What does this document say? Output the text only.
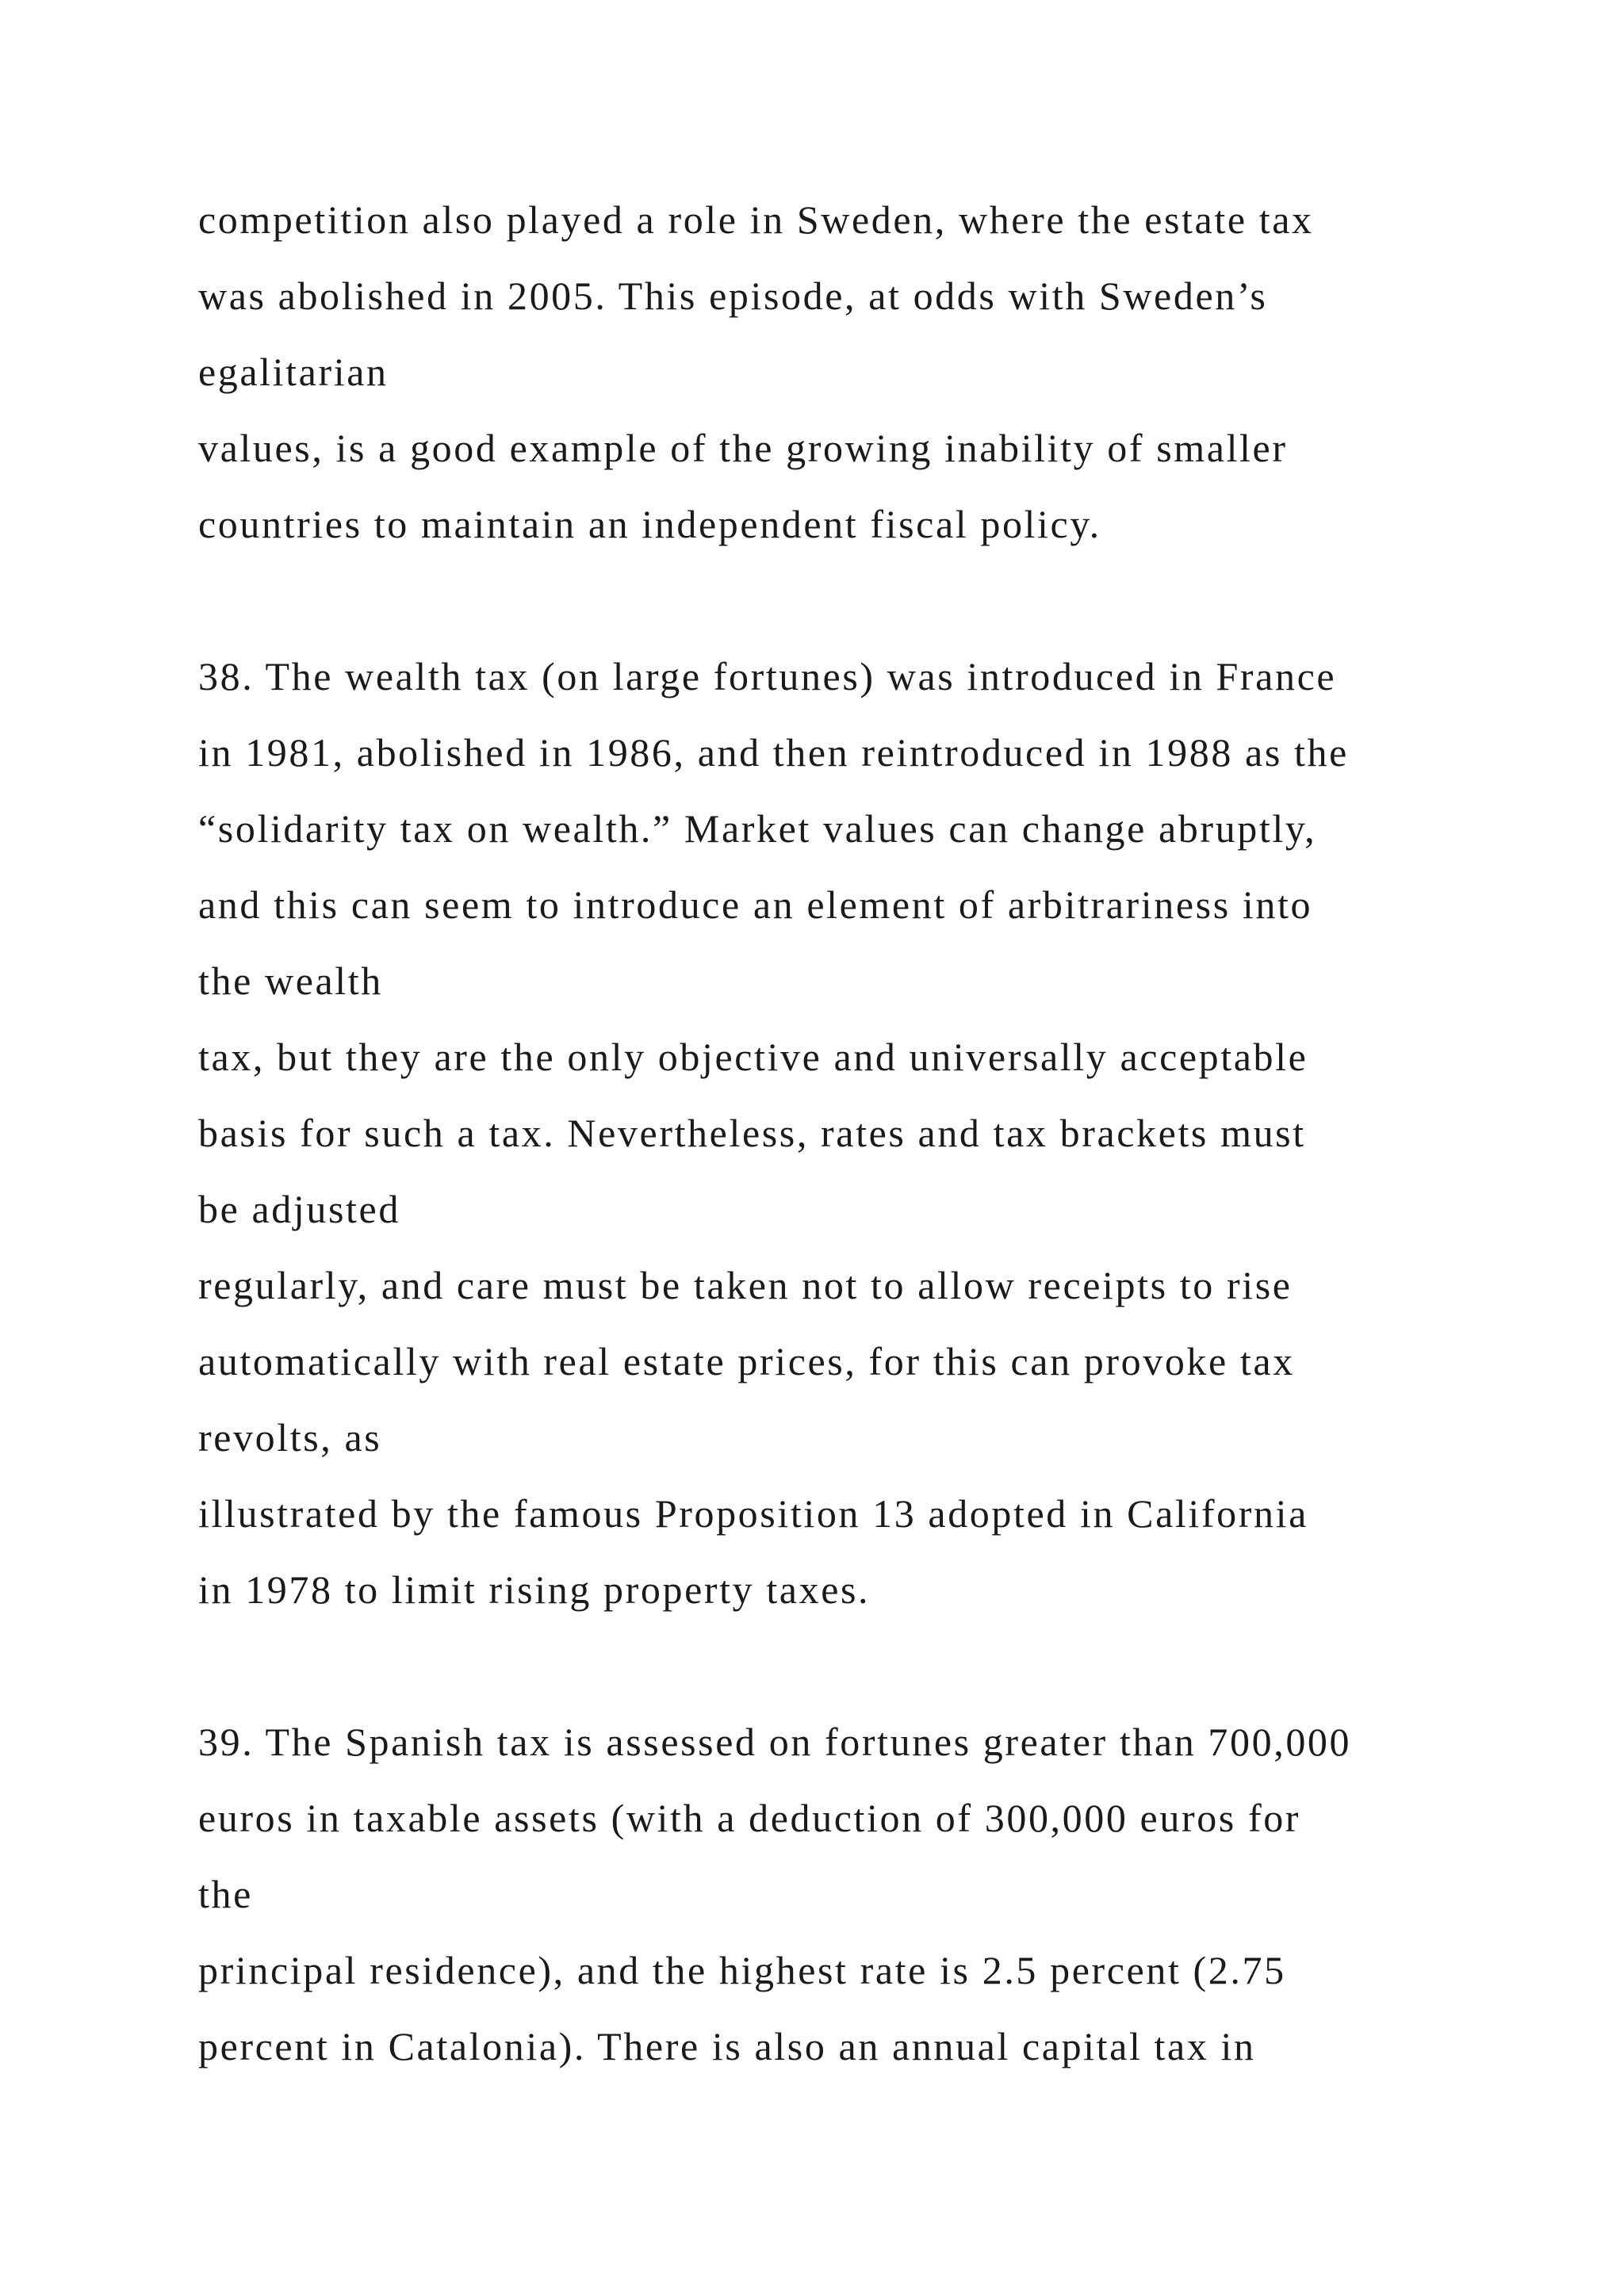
competition also played a role in Sweden, where the estate tax

was abolished in 2005. This episode, at odds with Sweden’s

egalitarian

values, is a good example of the growing inability of smaller

countries to maintain an independent fiscal policy.

38. The wealth tax (on large fortunes) was introduced in France

in 1981, abolished in 1986, and then reintroduced in 1988 as the

“solidarity tax on wealth.” Market values can change abruptly,

and this can seem to introduce an element of arbitrariness into

the wealth

tax, but they are the only objective and universally acceptable

basis for such a tax. Nevertheless, rates and tax brackets must

be adjusted

regularly, and care must be taken not to allow receipts to rise

automatically with real estate prices, for this can provoke tax

revolts, as

illustrated by the famous Proposition 13 adopted in California

in 1978 to limit rising property taxes.

39. The Spanish tax is assessed on fortunes greater than 700,000

euros in taxable assets (with a deduction of 300,000 euros for

the

principal residence), and the highest rate is 2.5 percent (2.75

percent in Catalonia). There is also an annual capital tax in
